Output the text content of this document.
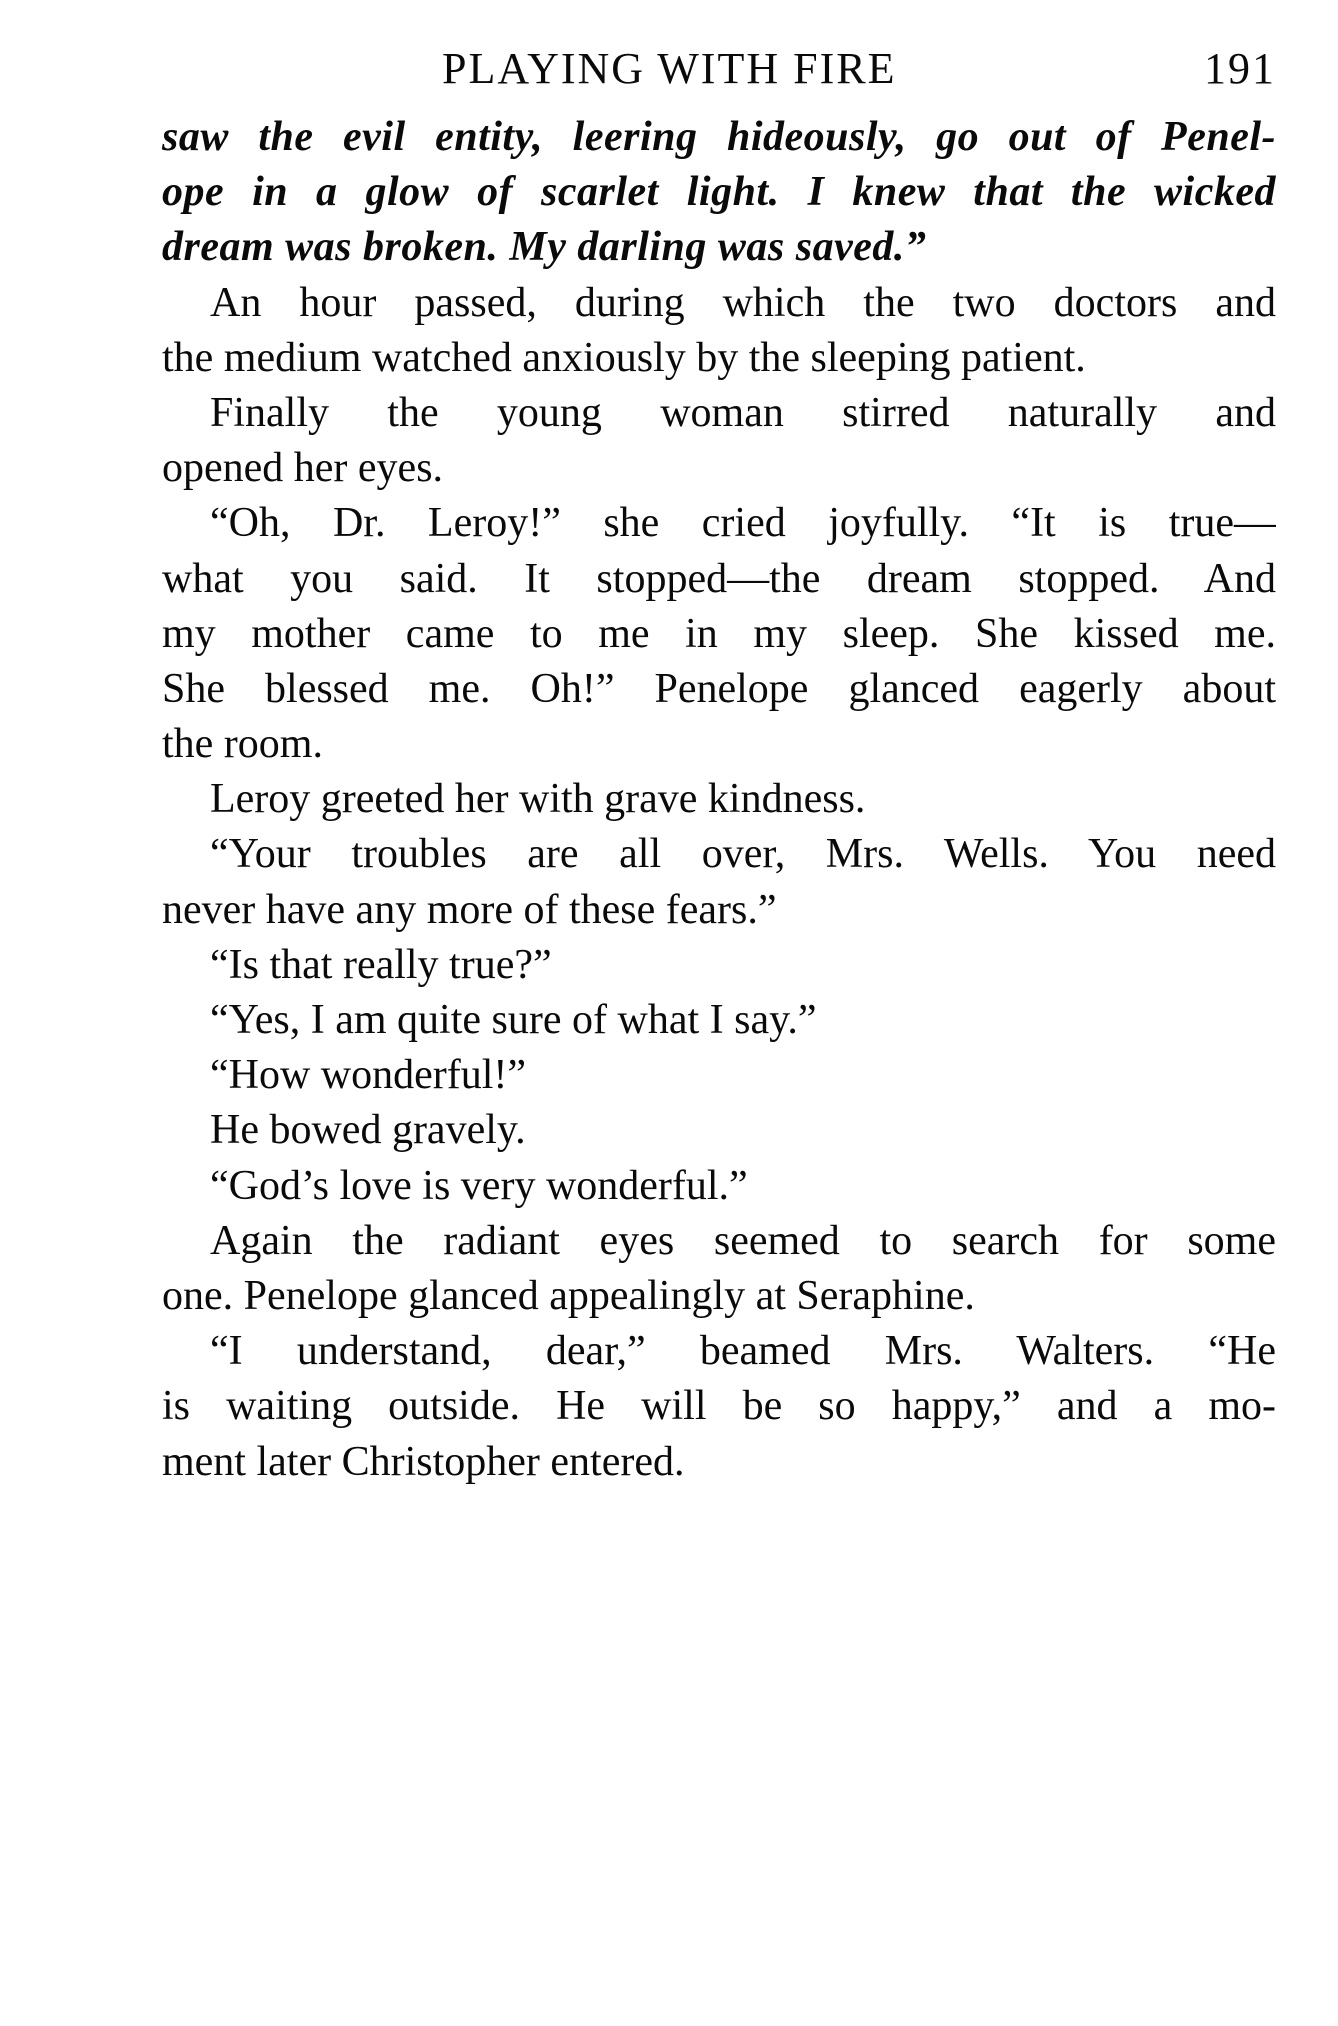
PLAYING WITH FIRE	191
saw the evil entity, leering hideously, go out of Penel-
ope in a glow of scarlet light. I knew that the wicked
dream was broken. My darling was saved.”
An hour passed, during which the two doctors and
the medium watched anxiously by the sleeping patient.
Finally the young woman stirred naturally and
opened her eyes.
“Oh, Dr. Leroy!” she cried joyfully. “It is true—
what you said. It stopped—the dream stopped. And
my mother came to me in my sleep. She kissed me.
She blessed me. Oh!” Penelope glanced eagerly about
the room.
Leroy greeted her with grave kindness.
“Your troubles are all over, Mrs. Wells. You need
never have any more of these fears.”
“Is that really true?”
“Yes, I am quite sure of what I say.”
“How wonderful!”
He bowed gravely.
“God’s love is very wonderful.”
Again the radiant eyes seemed to search for some
one. Penelope glanced appealingly at Seraphine.
“I understand, dear,” beamed Mrs. Walters. “He
is waiting outside. He will be so happy,” and a mo-
ment later Christopher entered.
